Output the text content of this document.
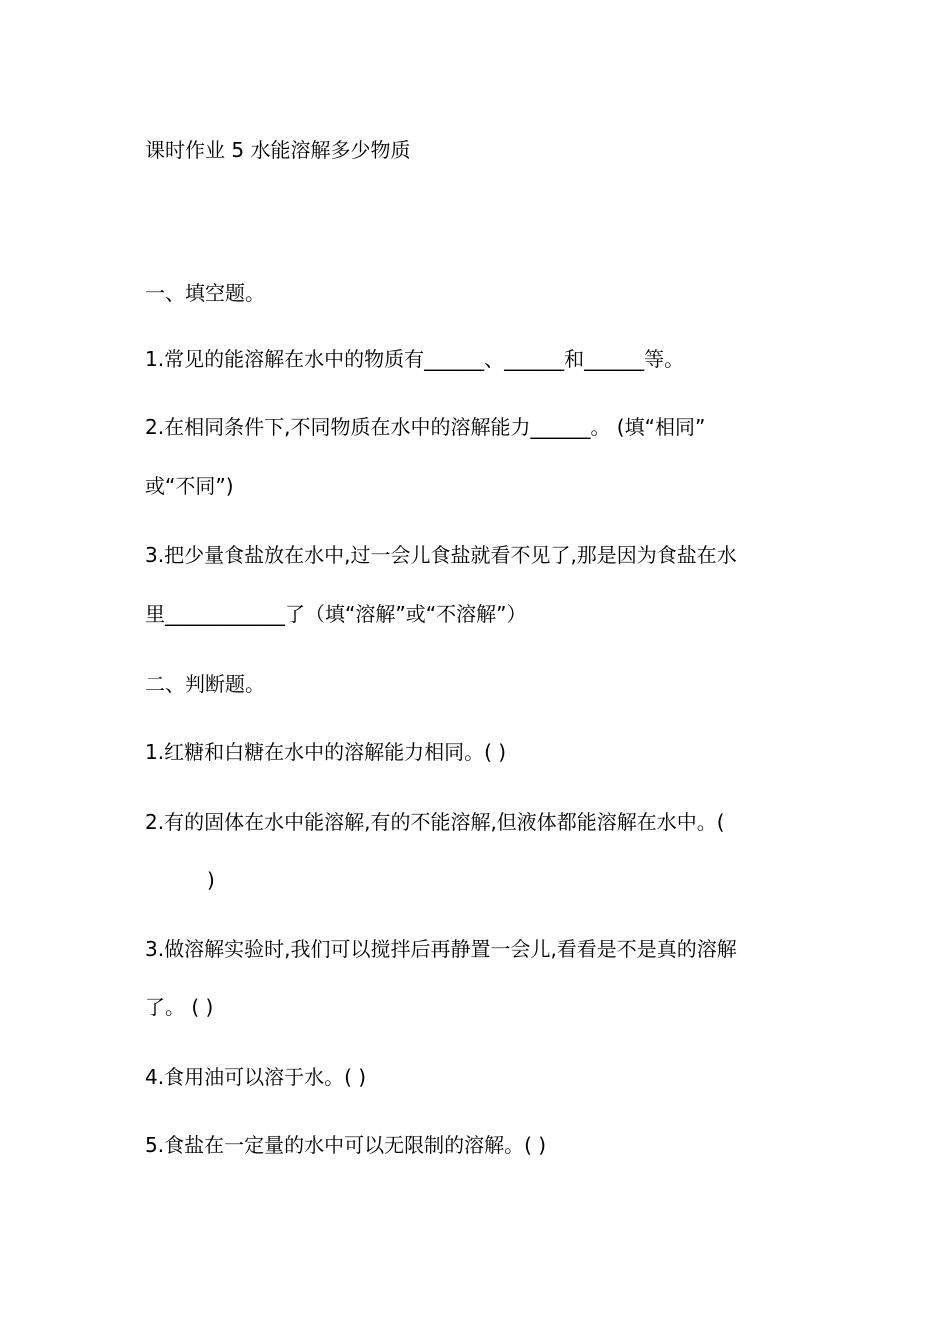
课时作业 5 水能溶解多少物质
一、填空题。
1.常见的能溶解在水中的物质有______、______和______等。
2.在相同条件下,不同物质在水中的溶解能力______。 (填“相同”
或“不同”)
3.把少量食盐放在水中,过一会儿食盐就看不见了,那是因为食盐在水
里____________了（填“溶解”或“不溶解”）
二、判断题。
1.红糖和白糖在水中的溶解能力相同。( )
2.有的固体在水中能溶解,有的不能溶解,但液体都能溶解在水中。(
)
3.做溶解实验时,我们可以搅拌后再静置一会儿,看看是不是真的溶解
了。 ( )
4.食用油可以溶于水。( )
5.食盐在一定量的水中可以无限制的溶解。( )
